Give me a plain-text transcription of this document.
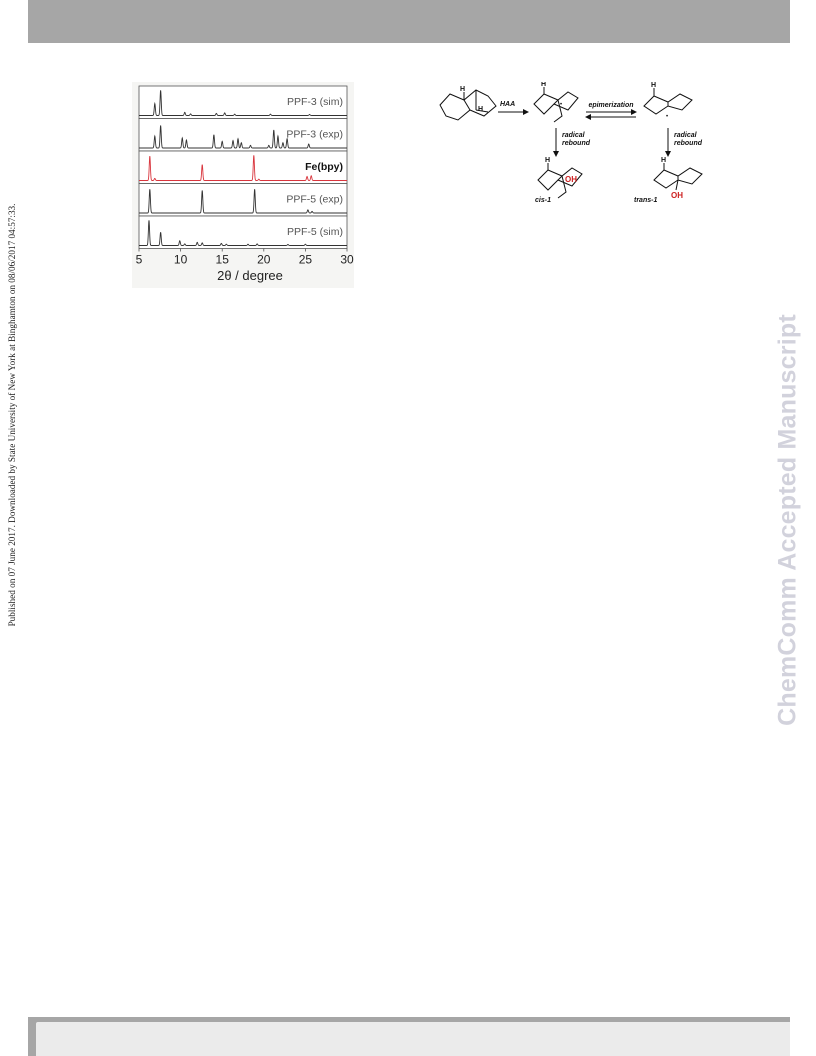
Published on 07 June 2017. Downloaded by State University of New York at Binghamton on 08/06/2017 04:57:33.	ChemComm Accepted Manuscript
PPF-3 (sim)
PPF-3 (exp)
Fe(bpy)
PPF-5 (exp)
PPF-5 (sim)
5	10 15 20 25 30
2θ / degree
H
H
HAA
H
•	epimerization
H
•
radical
rebound
radical
rebound
H
OH
cis-1
H
OH
trans-1
